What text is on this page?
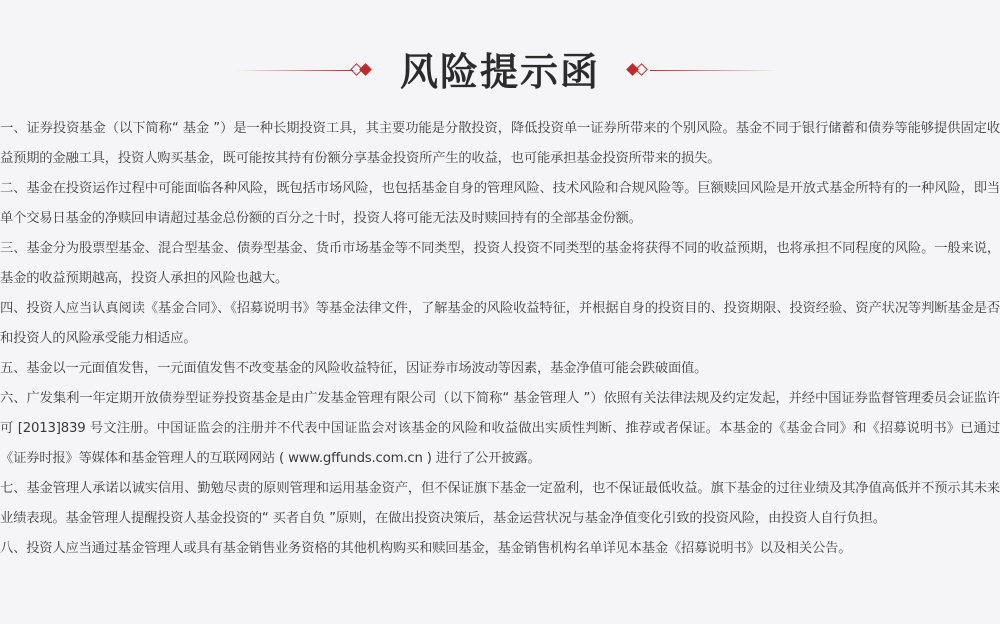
风险提示函

一、证券投资基金（以下简称“ 基金 ”）是一种长期投资工具，其主要功能是分散投资，降低投资单一证券所带来的个别风险。基金不同于银行储蓄和债券等能够提供固定收益预期的金融工具，投资人购买基金，既可能按其持有份额分享基金投资所产生的收益，也可能承担基金投资所带来的损失。

二、基金在投资运作过程中可能面临各种风险，既包括市场风险，也包括基金自身的管理风险、技术风险和合规风险等。巨额赎回风险是开放式基金所特有的一种风险，即当单个交易日基金的净赎回申请超过基金总份额的百分之十时，投资人将可能无法及时赎回持有的全部基金份额。

三、基金分为股票型基金、混合型基金、债券型基金、货币市场基金等不同类型，投资人投资不同类型的基金将获得不同的收益预期，也将承担不同程度的风险。一般来说，基金的收益预期越高，投资人承担的风险也越大。

四、投资人应当认真阅读《基金合同》、《招募说明书》等基金法律文件，了解基金的风险收益特征，并根据自身的投资目的、投资期限、投资经验、资产状况等判断基金是否和投资人的风险承受能力相适应。

五、基金以一元面值发售，一元面值发售不改变基金的风险收益特征，因证券市场波动等因素，基金净值可能会跌破面值。

六、广发集利一年定期开放债券型证券投资基金是由广发基金管理有限公司（以下简称“ 基金管理人 ”）依照有关法律法规及约定发起，并经中国证券监督管理委员会证监许可 [2013]839 号文注册。中国证监会的注册并不代表中国证监会对该基金的风险和收益做出实质性判断、推荐或者保证。本基金的《基金合同》和《招募说明书》已通过《证券时报》等媒体和基金管理人的互联网网站 ( www.gffunds.com.cn ) 进行了公开披露。

七、基金管理人承诺以诚实信用、勤勉尽责的原则管理和运用基金资产，但不保证旗下基金一定盈利，也不保证最低收益。旗下基金的过往业绩及其净值高低并不预示其未来业绩表现。基金管理人提醒投资人基金投资的“ 买者自负 ”原则，在做出投资决策后，基金运营状况与基金净值变化引致的投资风险，由投资人自行负担。

八、投资人应当通过基金管理人或具有基金销售业务资格的其他机构购买和赎回基金，基金销售机构名单详见本基金《招募说明书》以及相关公告。
